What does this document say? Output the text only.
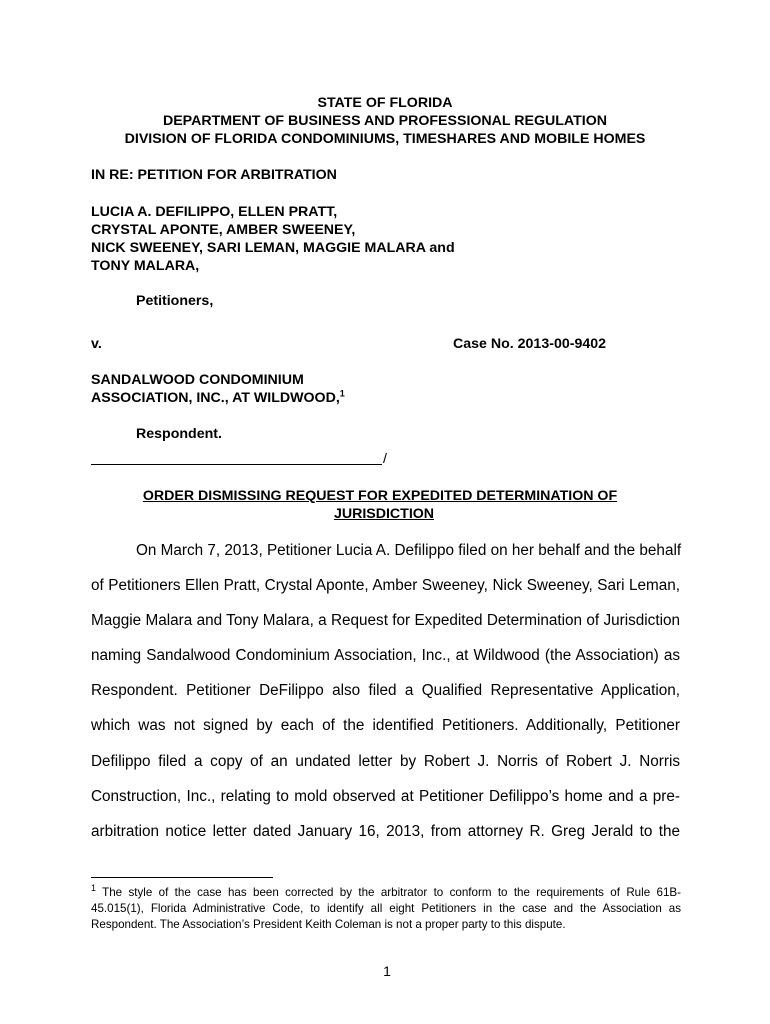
STATE OF FLORIDA
DEPARTMENT OF BUSINESS AND PROFESSIONAL REGULATION
DIVISION OF FLORIDA CONDOMINIUMS, TIMESHARES AND MOBILE HOMES
IN RE: PETITION FOR ARBITRATION
LUCIA A. DEFILIPPO, ELLEN PRATT,
CRYSTAL APONTE, AMBER SWEENEY,
NICK SWEENEY, SARI LEMAN, MAGGIE MALARA and
TONY MALARA,
Petitioners,
v.	Case No. 2013-00-9402
SANDALWOOD CONDOMINIUM
ASSOCIATION, INC., AT WILDWOOD,$^1$
Respondent.
/
ORDER DISMISSING REQUEST FOR EXPEDITED DETERMINATION OF
JURISDICTION
On March 7, 2013, Petitioner Lucia A. Defilippo filed on her behalf and the behalf
of Petitioners Ellen Pratt, Crystal Aponte, Amber Sweeney, Nick Sweeney, Sari Leman,
Maggie Malara and Tony Malara, a Request for Expedited Determination of Jurisdiction
naming Sandalwood Condominium Association, Inc., at Wildwood (the Association) as
Respondent. Petitioner DeFilippo also filed a Qualified Representative Application,
which was not signed by each of the identified Petitioners. Additionally, Petitioner
Defilippo filed a copy of an undated letter by Robert J. Norris of Robert J. Norris
Construction, Inc., relating to mold observed at Petitioner Defilippo’s home and a pre-
arbitration notice letter dated January 16, 2013, from attorney R. Greg Jerald to the
$^1$ The style of the case has been corrected by the arbitrator to conform to the requirements of Rule 61B-
45.015(1), Florida Administrative Code, to identify all eight Petitioners in the case and the Association as
Respondent. The Association’s President Keith Coleman is not a proper party to this dispute.
1
